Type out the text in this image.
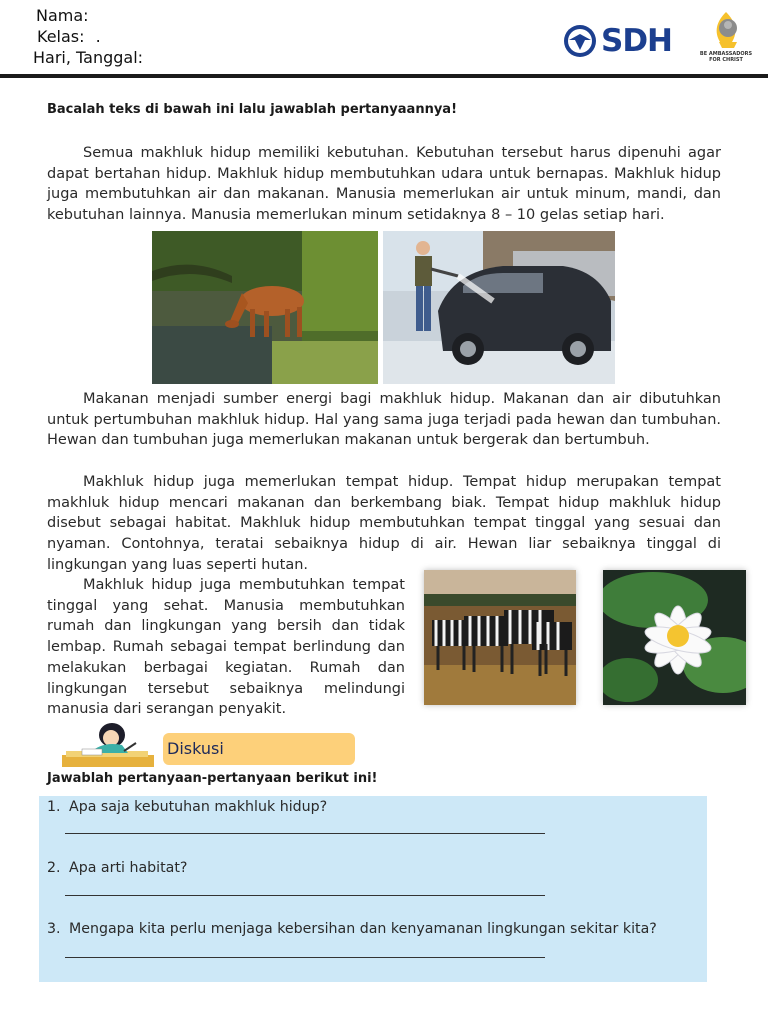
Nama:
Kelas: .
Hari, Tanggal:	SDH	BE AMBASSADORS FOR CHRIST
Bacalah teks di bawah ini lalu jawablah pertanyaannya!

Semua makhluk hidup memiliki kebutuhan. Kebutuhan tersebut harus dipenuhi agar dapat bertahan hidup. Makhluk hidup membutuhkan udara untuk bernapas. Makhluk hidup juga membutuhkan air dan makanan. Manusia memerlukan air untuk minum, mandi, dan kebutuhan lainnya. Manusia memerlukan minum setidaknya 8 – 10 gelas setiap hari.

Makanan menjadi sumber energi bagi makhluk hidup. Makanan dan air dibutuhkan untuk pertumbuhan makhluk hidup. Hal yang sama juga terjadi pada hewan dan tumbuhan. Hewan dan tumbuhan juga memerlukan makanan untuk bergerak dan bertumbuh.

Makhluk hidup juga memerlukan tempat hidup. Tempat hidup merupakan tempat makhluk hidup mencari makanan dan berkembang biak. Tempat hidup makhluk hidup disebut sebagai habitat. Makhluk hidup membutuhkan tempat tinggal yang sesuai dan nyaman. Contohnya, teratai sebaiknya hidup di air. Hewan liar sebaiknya tinggal di lingkungan yang luas seperti hutan.

Makhluk hidup juga membutuhkan tempat tinggal yang sehat. Manusia membutuhkan rumah dan lingkungan yang bersih dan tidak lembap. Rumah sebagai tempat berlindung dan melakukan berbagai kegiatan. Rumah dan lingkungan tersebut sebaiknya melindungi manusia dari serangan penyakit.

Diskusi
Jawablah pertanyaan-pertanyaan berikut ini!
1. Apa saja kebutuhan makhluk hidup?
2. Apa arti habitat?
3. Mengapa kita perlu menjaga kebersihan dan kenyamanan lingkungan sekitar kita?
